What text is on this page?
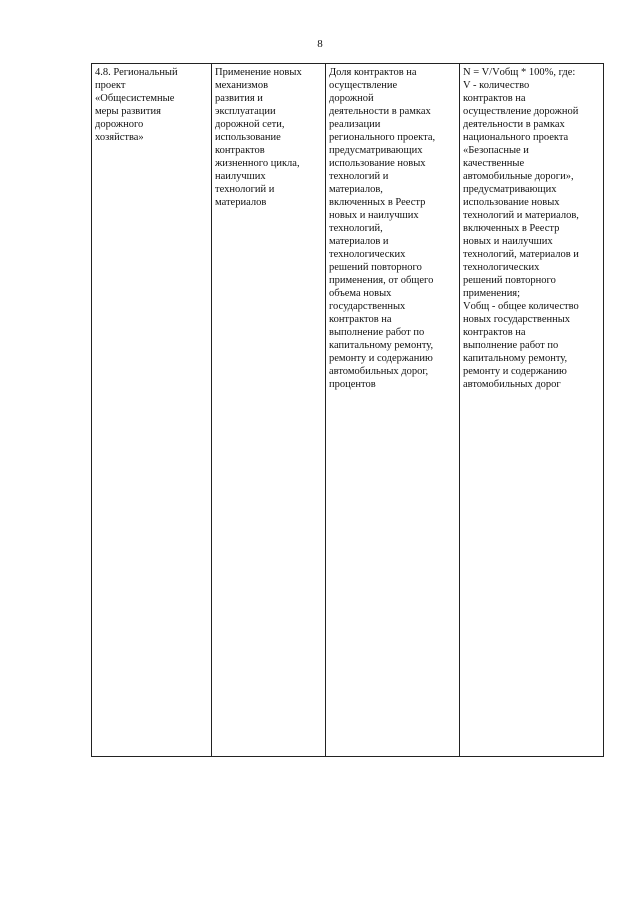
8
4.8. Региональный
проект
«Общесистемные
меры развития
дорожного
хозяйства»	Применение новых
механизмов
развития и
эксплуатации
дорожной сети,
использование
контрактов
жизненного цикла,
наилучших
технологий и
материалов	Доля контрактов на
осуществление
дорожной
деятельности в рамках
реализации
регионального проекта,
предусматривающих
использование новых
технологий и
материалов,
включенных в Реестр
новых и наилучших
технологий,
материалов и
технологических
решений повторного
применения, от общего
объема новых
государственных
контрактов на
выполнение работ по
капитальному ремонту,
ремонту и содержанию
автомобильных дорог,
процентов	N = V/Vобщ * 100%, где:
V - количество
контрактов на
осуществление дорожной
деятельности в рамках
национального проекта
«Безопасные и
качественные
автомобильные дороги»,
предусматривающих
использование новых
технологий и материалов,
включенных в Реестр
новых и наилучших
технологий, материалов и
технологических
решений повторного
применения;
Vобщ - общее количество
новых государственных
контрактов на
выполнение работ по
капитальному ремонту,
ремонту и содержанию
автомобильных дорог
